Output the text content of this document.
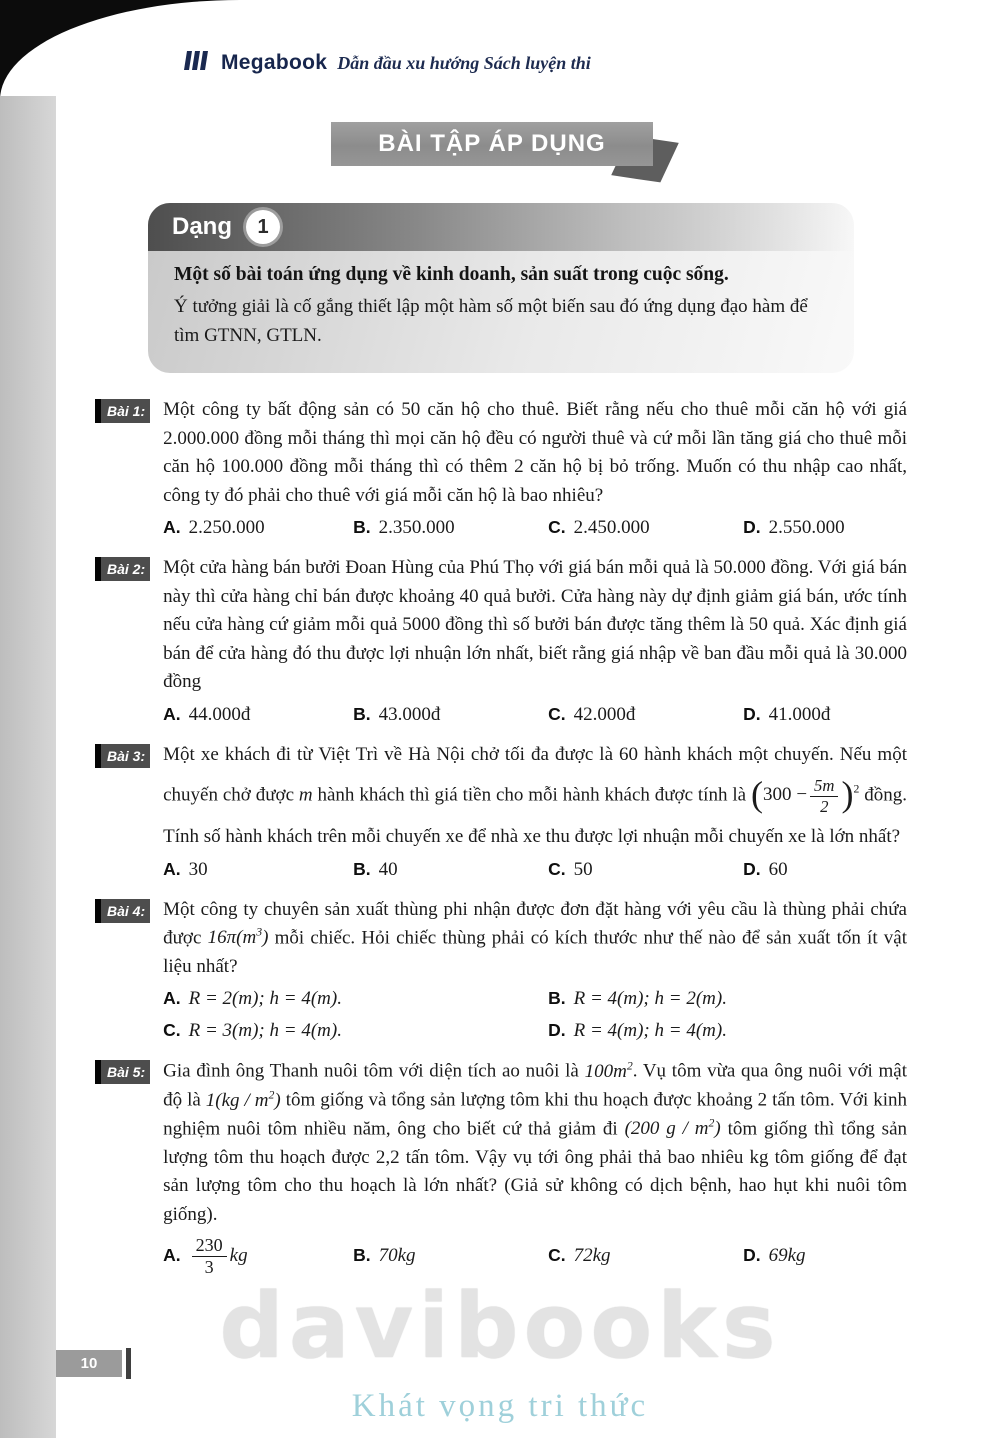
Megabook Dẫn đầu xu hướng Sách luyện thi
BÀI TẬP ÁP DỤNG
Dạng	1

Một số bài toán ứng dụng về kinh doanh, sản suất trong cuộc sống.

Ý tưởng giải là cố gắng thiết lập một hàm số một biến sau đó ứng dụng đạo hàm để tìm GTNN, GTLN.

Bài 1: Một công ty bất động sản có 50 căn hộ cho thuê. Biết rằng nếu cho thuê mỗi căn hộ với giá 2.000.000 đồng mỗi tháng thì mọi căn hộ đều có người thuê và cứ mỗi lần tăng giá cho thuê mỗi căn hộ 100.000 đồng mỗi tháng thì có thêm 2 căn hộ bị bỏ trống. Muốn có thu nhập cao nhất, công ty đó phải cho thuê với giá mỗi căn hộ là bao nhiêu?

A. 2.250.000	B. 2.350.000	C. 2.450.000	D. 2.550.000
Bài 2: Một cửa hàng bán bưởi Đoan Hùng của Phú Thọ với giá bán mỗi quả là 50.000 đồng. Với giá bán này thì cửa hàng chỉ bán được khoảng 40 quả bưởi. Cửa hàng này dự định giảm giá bán, ước tính nếu cửa hàng cứ giảm mỗi quả 5000 đồng thì số bưởi bán được tăng thêm là 50 quả. Xác định giá bán để cửa hàng đó thu được lợi nhuận lớn nhất, biết rằng giá nhập về ban đầu mỗi quả là 30.000 đồng

A. 44.000đ	B. 43.000đ	C. 42.000đ	D. 41.000đ
Bài 3: Một xe khách đi từ Việt Trì về Hà Nội chở tối đa được là 60 hành khách một chuyến. Nếu một chuyến chở được m hành khách thì giá tiền cho mỗi hành khách được tính là $(300 - \frac{5m}{2} )^2$ đồng. Tính số hành khách trên mỗi chuyến xe để nhà xe thu được lợi nhuận mỗi chuyến xe là lớn nhất?

A. 30	B. 40	C. 50	D. 60
Bài 4: Một công ty chuyên sản xuất thùng phi nhận được đơn đặt hàng với yêu cầu là thùng phải chứa được $16\pi(m^3)$ mỗi chiếc. Hỏi chiếc thùng phải có kích thước như thế nào để sản xuất tốn ít vật liệu nhất?

A. R = 2(m); h = 4(m).	B. R = 4(m); h = 2(m).
C. R = 3(m); h = 4(m).	D. R = 4(m); h = 4(m).
Bài 5: Gia đình ông Thanh nuôi tôm với diện tích ao nuôi là $100m^2$. Vụ tôm vừa qua ông nuôi với mật độ là $1(kg / m^2)$ tôm giống và tổng sản lượng tôm khi thu hoạch được khoảng 2 tấn tôm. Với kinh nghiệm nuôi tôm nhiều năm, ông cho biết cứ thả giảm đi (200 g / $m^2$) tôm giống thì tổng sản lượng tôm thu hoạch được 2,2 tấn tôm. Vậy vụ tới ông phải thả bao nhiêu kg tôm giống để đạt sản lượng tôm cho thu hoạch là lớn nhất? (Giả sử không có dịch bệnh, hao hụt khi nuôi tôm giống).

A. $\frac{230}{3}$ kg	B. 70kg	C. 72kg	D. 69kg
davibooks
Khát vọng tri thức
10
